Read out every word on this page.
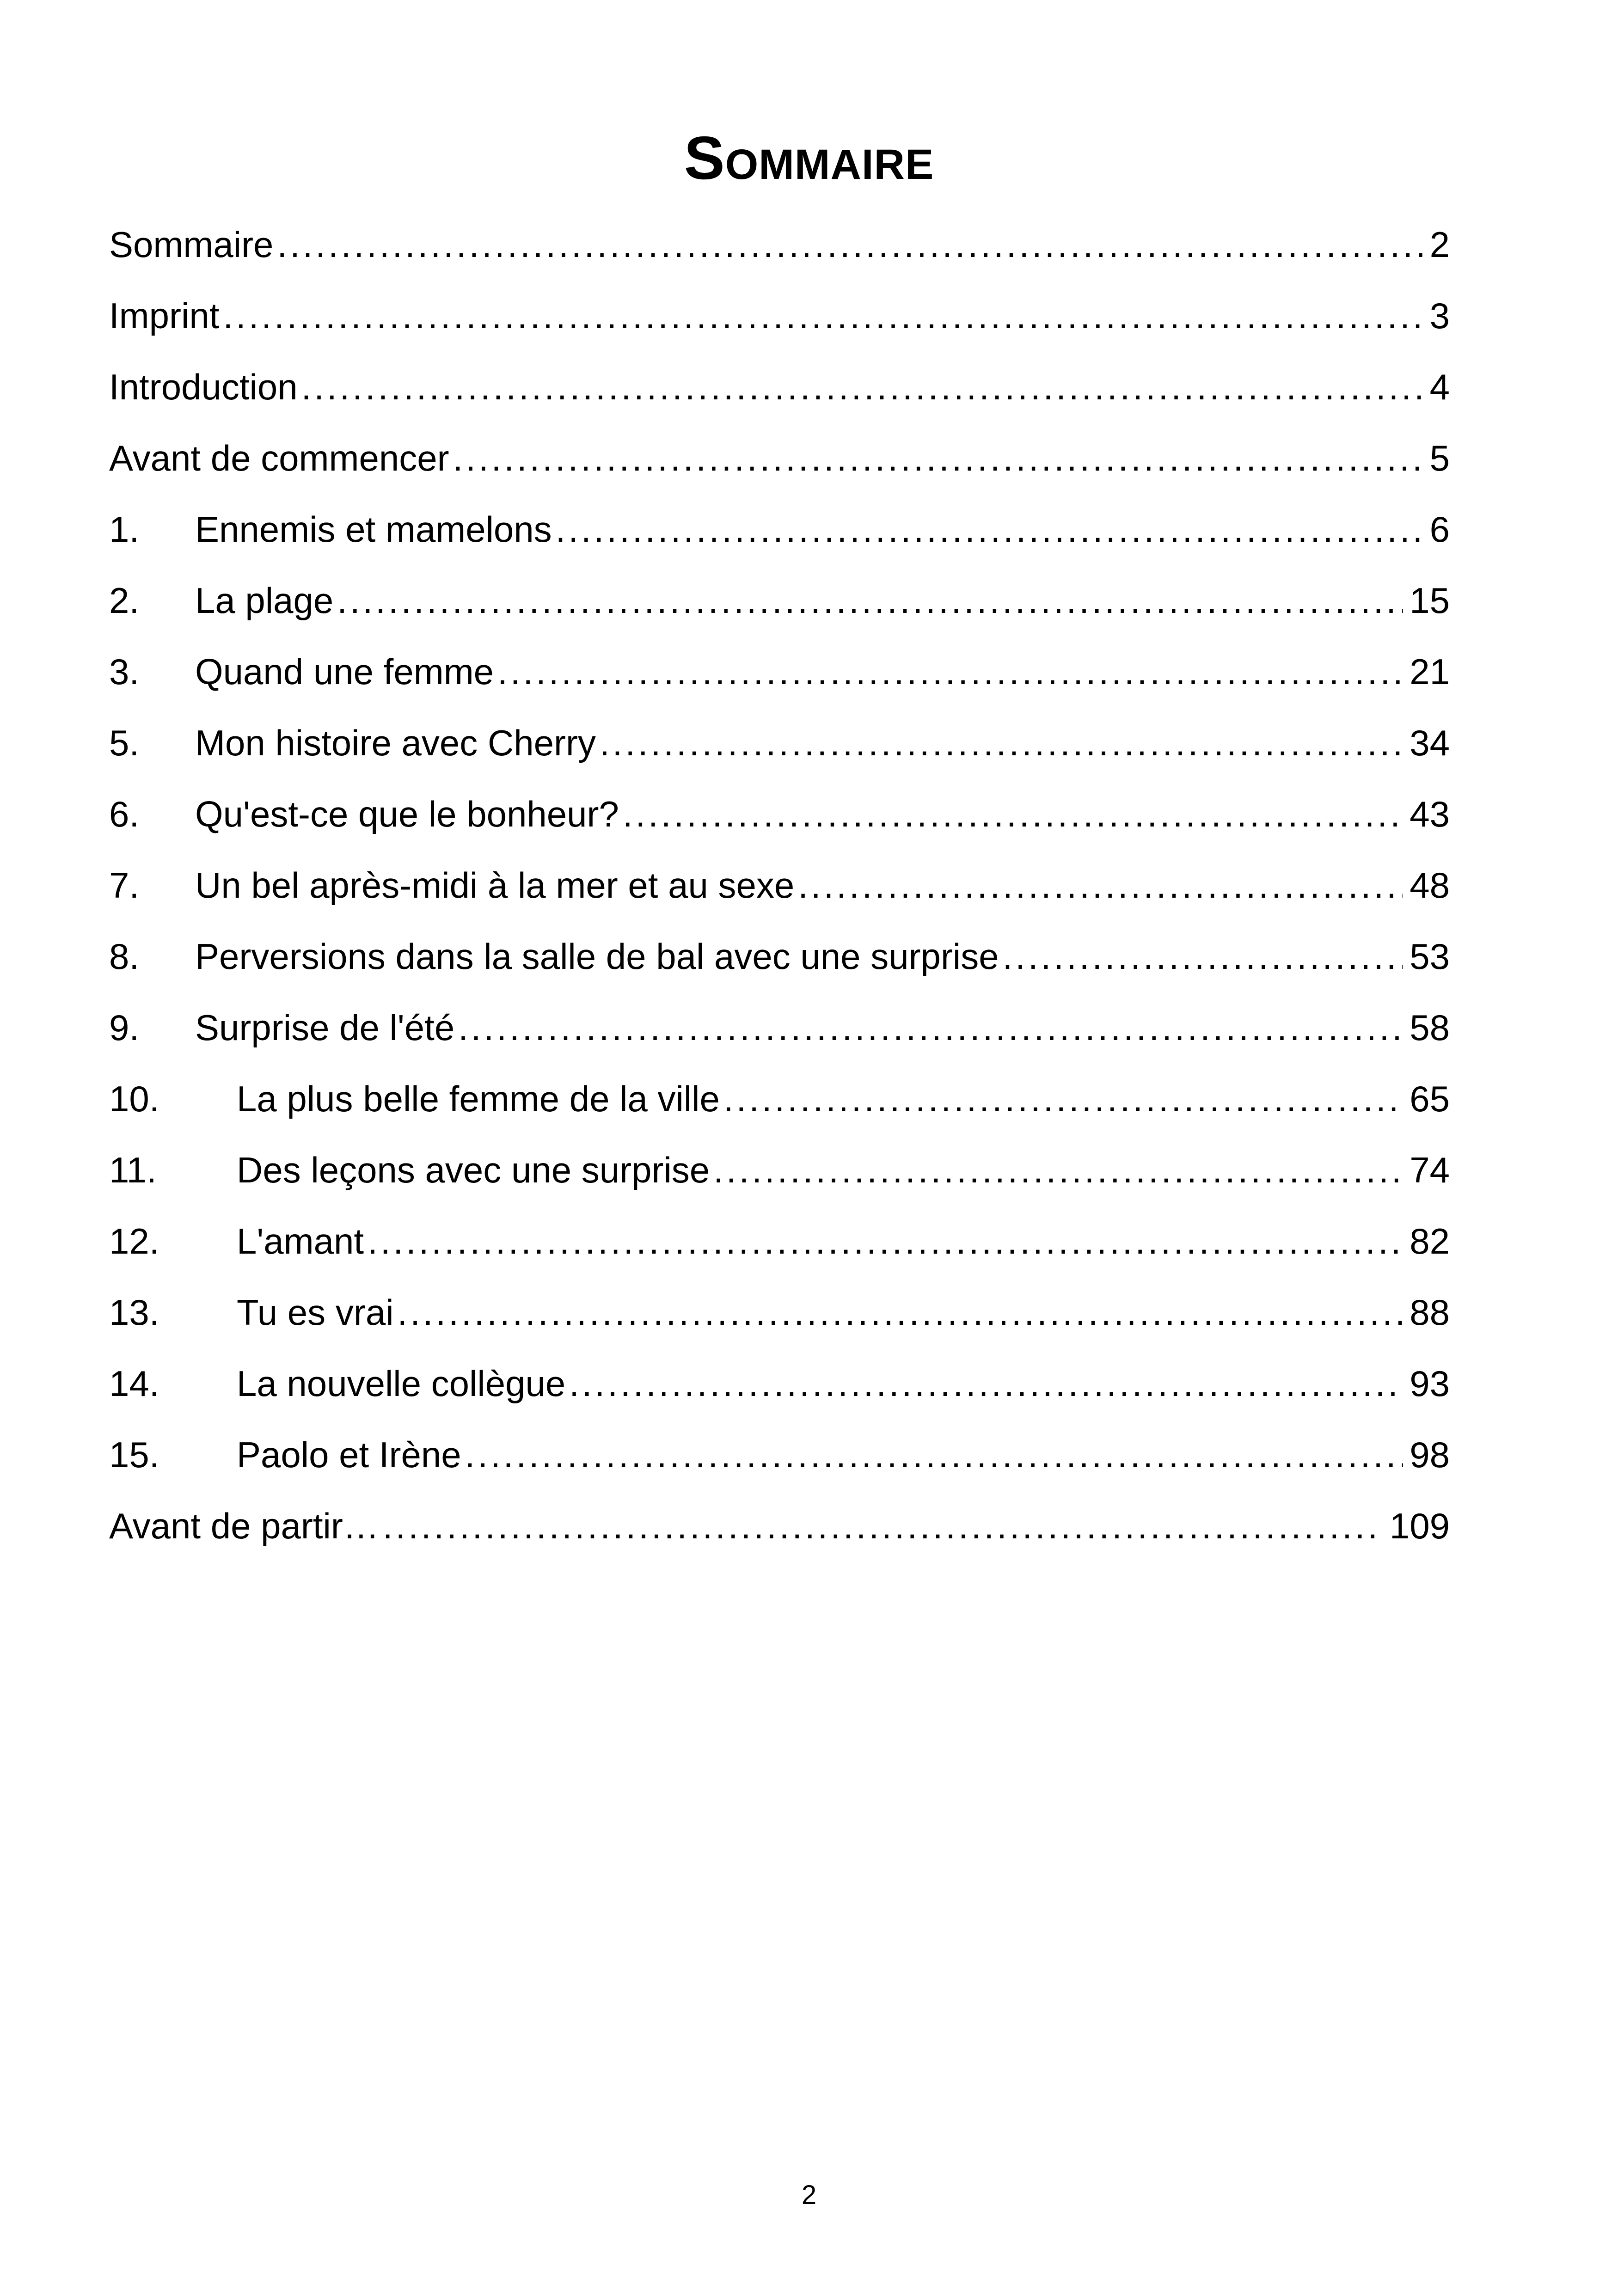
Sommaire
Sommaire .....	2
Imprint .....	3
Introduction .....	4
Avant de commencer .....	5
1.	Ennemis et mamelons .....	6
2.	La plage .....	15
3.	Quand une femme .....	21
5.	Mon histoire avec Cherry .....	34
6.	Qu'est-ce que le bonheur? .....	43
7.	Un bel après-midi à la mer et au sexe .....	48
8.	Perversions dans la salle de bal avec une surprise .....	53
9.	Surprise de l'été .....	58
10.	La plus belle femme de la ville .....	65
11.	Des leçons avec une surprise .....	74
12.	L'amant .....	82
13.	Tu es vrai .....	88
14.	La nouvelle collègue .....	93
15.	Paolo et Irène .....	98
Avant de partir… .....	109

2
